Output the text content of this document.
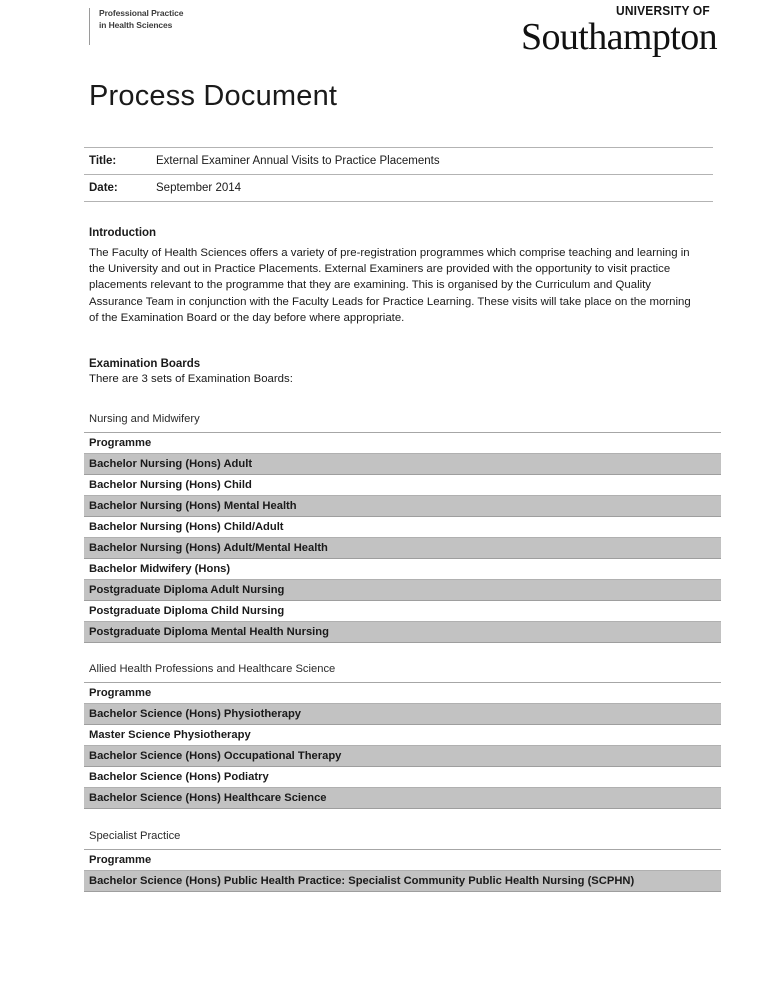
Professional Practice
in Health Sciences
UNIVERSITY OF
Southampton
Process Document
Title:	External Examiner Annual Visits to Practice Placements
Date:	September 2014
Introduction
The Faculty of Health Sciences offers a variety of pre-registration programmes which comprise teaching and learning in the University and out in Practice Placements. External Examiners are provided with the opportunity to visit practice placements relevant to the programme that they are examining. This is organised by the Curriculum and Quality Assurance Team in conjunction with the Faculty Leads for Practice Learning. These visits will take place on the morning of the Examination Board or the day before where appropriate.
Examination Boards
There are 3 sets of Examination Boards:
Nursing and Midwifery
Programme
Bachelor Nursing (Hons) Adult
Bachelor Nursing (Hons) Child
Bachelor Nursing (Hons) Mental Health
Bachelor Nursing (Hons) Child/Adult
Bachelor Nursing (Hons) Adult/Mental Health
Bachelor Midwifery (Hons)
Postgraduate Diploma Adult Nursing
Postgraduate Diploma Child Nursing
Postgraduate Diploma Mental Health Nursing
Allied Health Professions and Healthcare Science
Programme
Bachelor Science (Hons) Physiotherapy
Master Science Physiotherapy
Bachelor Science (Hons) Occupational Therapy
Bachelor Science (Hons) Podiatry
Bachelor Science (Hons) Healthcare Science
Specialist Practice
Programme
Bachelor Science (Hons) Public Health Practice: Specialist Community Public Health Nursing (SCPHN)
